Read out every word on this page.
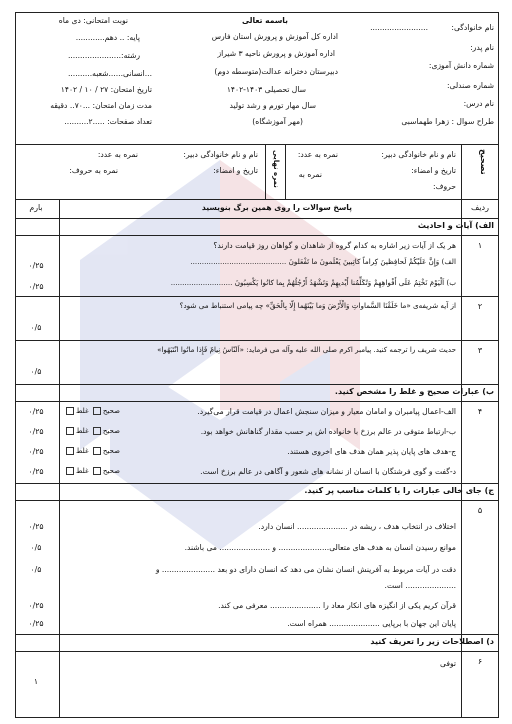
نام خانوادگی:
........................
نام پدر:
شماره دانش آموزی:
شماره صندلی:
نام درس:
طراح سوال : زهرا طهماسبی
باسمه تعالی
اداره کل آموزش و پرورش استان فارس
اداره آموزش و پرورش ناحیه ۳ شیراز
دبیرستان دخترانه عدالت(متوسطه دوم)
سال تحصیلی ۱۴۰۳-۱۴۰۲
سال مهار تورم و رشد تولید
(مهر آموزشگاه)
نوبت امتحانی: دی ماه
پایه: .. دهم............
رشته:......................
...انسانی......شعبه..........
تاریخ امتحان: ۲۷ / ۱۰ / ۱۴۰۲
مدت زمان امتحان: ...۷۰.. دقیقه
تعداد صفحات: .....۲..........
تصحیح
نام و نام خانوادگی دبیر:
نمره به عدد:
تاریخ و امضاء:
حروف:
نمره به
نمره نهایی
نام و نام خانوادگی دبیر:
نمره به عدد:
تاریخ و امضاء:
نمره به حروف:
ردیف
پاسخ سوالات را روی همین برگ بنویسید
بارم
الف) آیات و احادیث
۱
هر یک از آیات زیر اشاره به کدام گروه از شاهدان و گواهان روز قیامت دارند؟
الف) وَإِنَّ عَلَيْكُمْ لَحافِظينَ كِراماً كاتِبينَ يَعْلَمونَ ما تَفْعَلونَ ..........................................
۰/۲۵
ب) اَلْيَوْمَ نَخْتِمُ عَلَى أَفْواهِهِمْ وَتُكَلِّمُنا أَيْديهِمْ وَتَشْهَدُ أَرْجُلُهُمْ بِما كانُوا يَكْسِبُونَ ...........................
۰/۲۵
۲
از آیه شریفه‌ی «ما خَلَقْنَا السَّماواتِ وَالْأَرْضَ وَما بَيْنَهُما إِلّا بِالْحَقِّ» چه پیامی استنباط می شود؟
۰/۵
۳
حدیث شریف را ترجمه کنید. پیامبر اکرم صلی الله علیه وآله می فرماید: «اَلنّاسُ نِيامٌ فَإِذا ماتُوا انْتَبَهُوا»
۰/۵
ب) عبارات صحیح و غلط را مشخص کنید.
۴
الف-اعمال پیامبران و امامان معیار و میزان سنجش اعمال در قیامت قرار می‌گیرد.
صحیح غلط
۰/۲۵
ب-ارتباط متوفی در عالم برزخ با خانواده اش بر حسب مقدار گناهانش خواهد بود.
صحیح غلط
۰/۲۵
ج-هدف های پایان پذیر همان هدف های اخروی هستند.
صحیح غلط
۰/۲۵
د-گفت و گوی فرشتگان با انسان از نشانه های شعور و آگاهی در عالم برزخ است.
صحیح غلط
۰/۲۵
ج) جای خالی عبارات را با کلمات مناسب پر کنید.
۵
اختلاف در انتخاب هدف ، ریشه در ..................... انسان دارد.
۰/۲۵
موانع رسیدن انسان به هدف های متعالی..................... و ..................... می باشند.
۰/۵
دقت در آیات مربوط به آفرینش انسان نشان می دهد که انسان دارای دو بعد ...................... و
..................... است.
۰/۵
قرآن کریم یکی از انگیزه های انکار معاد را ..................... معرفی می کند.
۰/۲۵
پایان این جهان با برپایی ..................... همراه است.
۰/۲۵
د) اصطلاحات زیر را تعریف کنید
۶
توفی
۱
